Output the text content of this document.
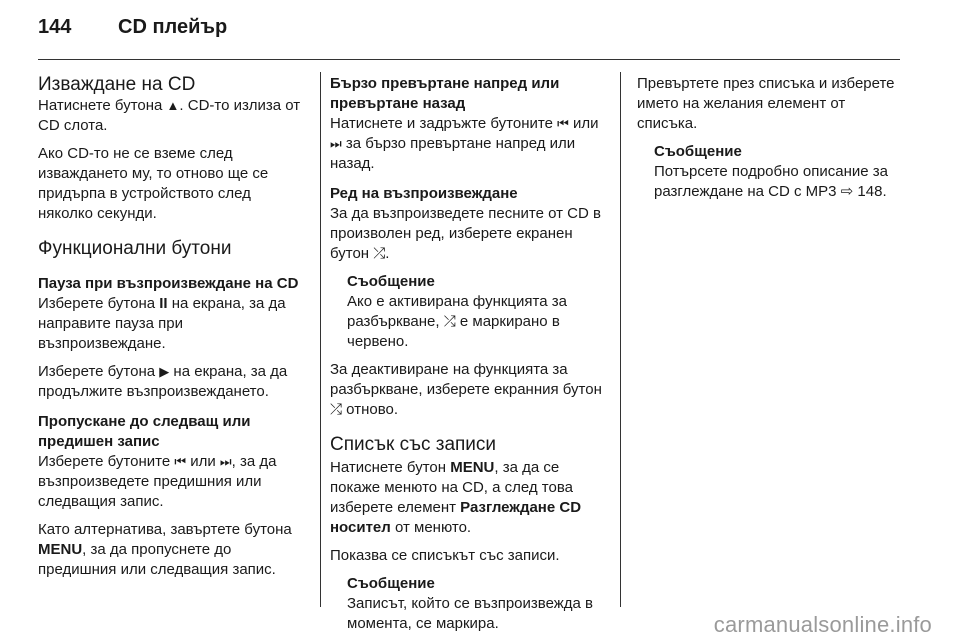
144	CD плейър
Изваждане на CD

Натиснете бутона ▲. CD-то излиза от CD слота.

Ако CD-то не се вземе след изваждането му, то отново ще се придърпа в устройството след няколко секунди.

Функционални бутони
Пауза при възпроизвеждане на CD

Изберете бутона II на екрана, за да направите пауза при възпроизвеждане.

Изберете бутона ▶ на екрана, за да продължите възпроизвеждането.

Пропускане до следващ или предишен запис

Изберете бутоните ⏮ или ⏭, за да възпроизведете предишния или следващия запис.

Като алтернатива, завъртете бутона MENU, за да пропуснете до предишния или следващия запис.

Бързо превъртане напред или превъртане назад

Натиснете и задръжте бутоните ⏮ или ⏭ за бързо превъртане напред или назад.

Ред на възпроизвеждане

За да възпроизведете песните от CD в произволен ред, изберете екранен бутон ⤮.

Съобщение
Ако е активирана функцията за разбъркване, ⤮ е маркирано в червено.

За деактивиране на функцията за разбъркване, изберете екранния бутон ⤮ отново.

Списък със записи

Натиснете бутон MENU, за да се покаже менюто на CD, а след това изберете елемент Разглеждане CD носител от менюто.

Показва се списъкът със записи.

Съобщение
Записът, който се възпроизвежда в момента, се маркира.

Превъртете през списъка и изберете името на желания елемент от списъка.

Съобщение
Потърсете подробно описание за разглеждане на CD с MP3 ⇨ 148.
carmanualsonline.info
